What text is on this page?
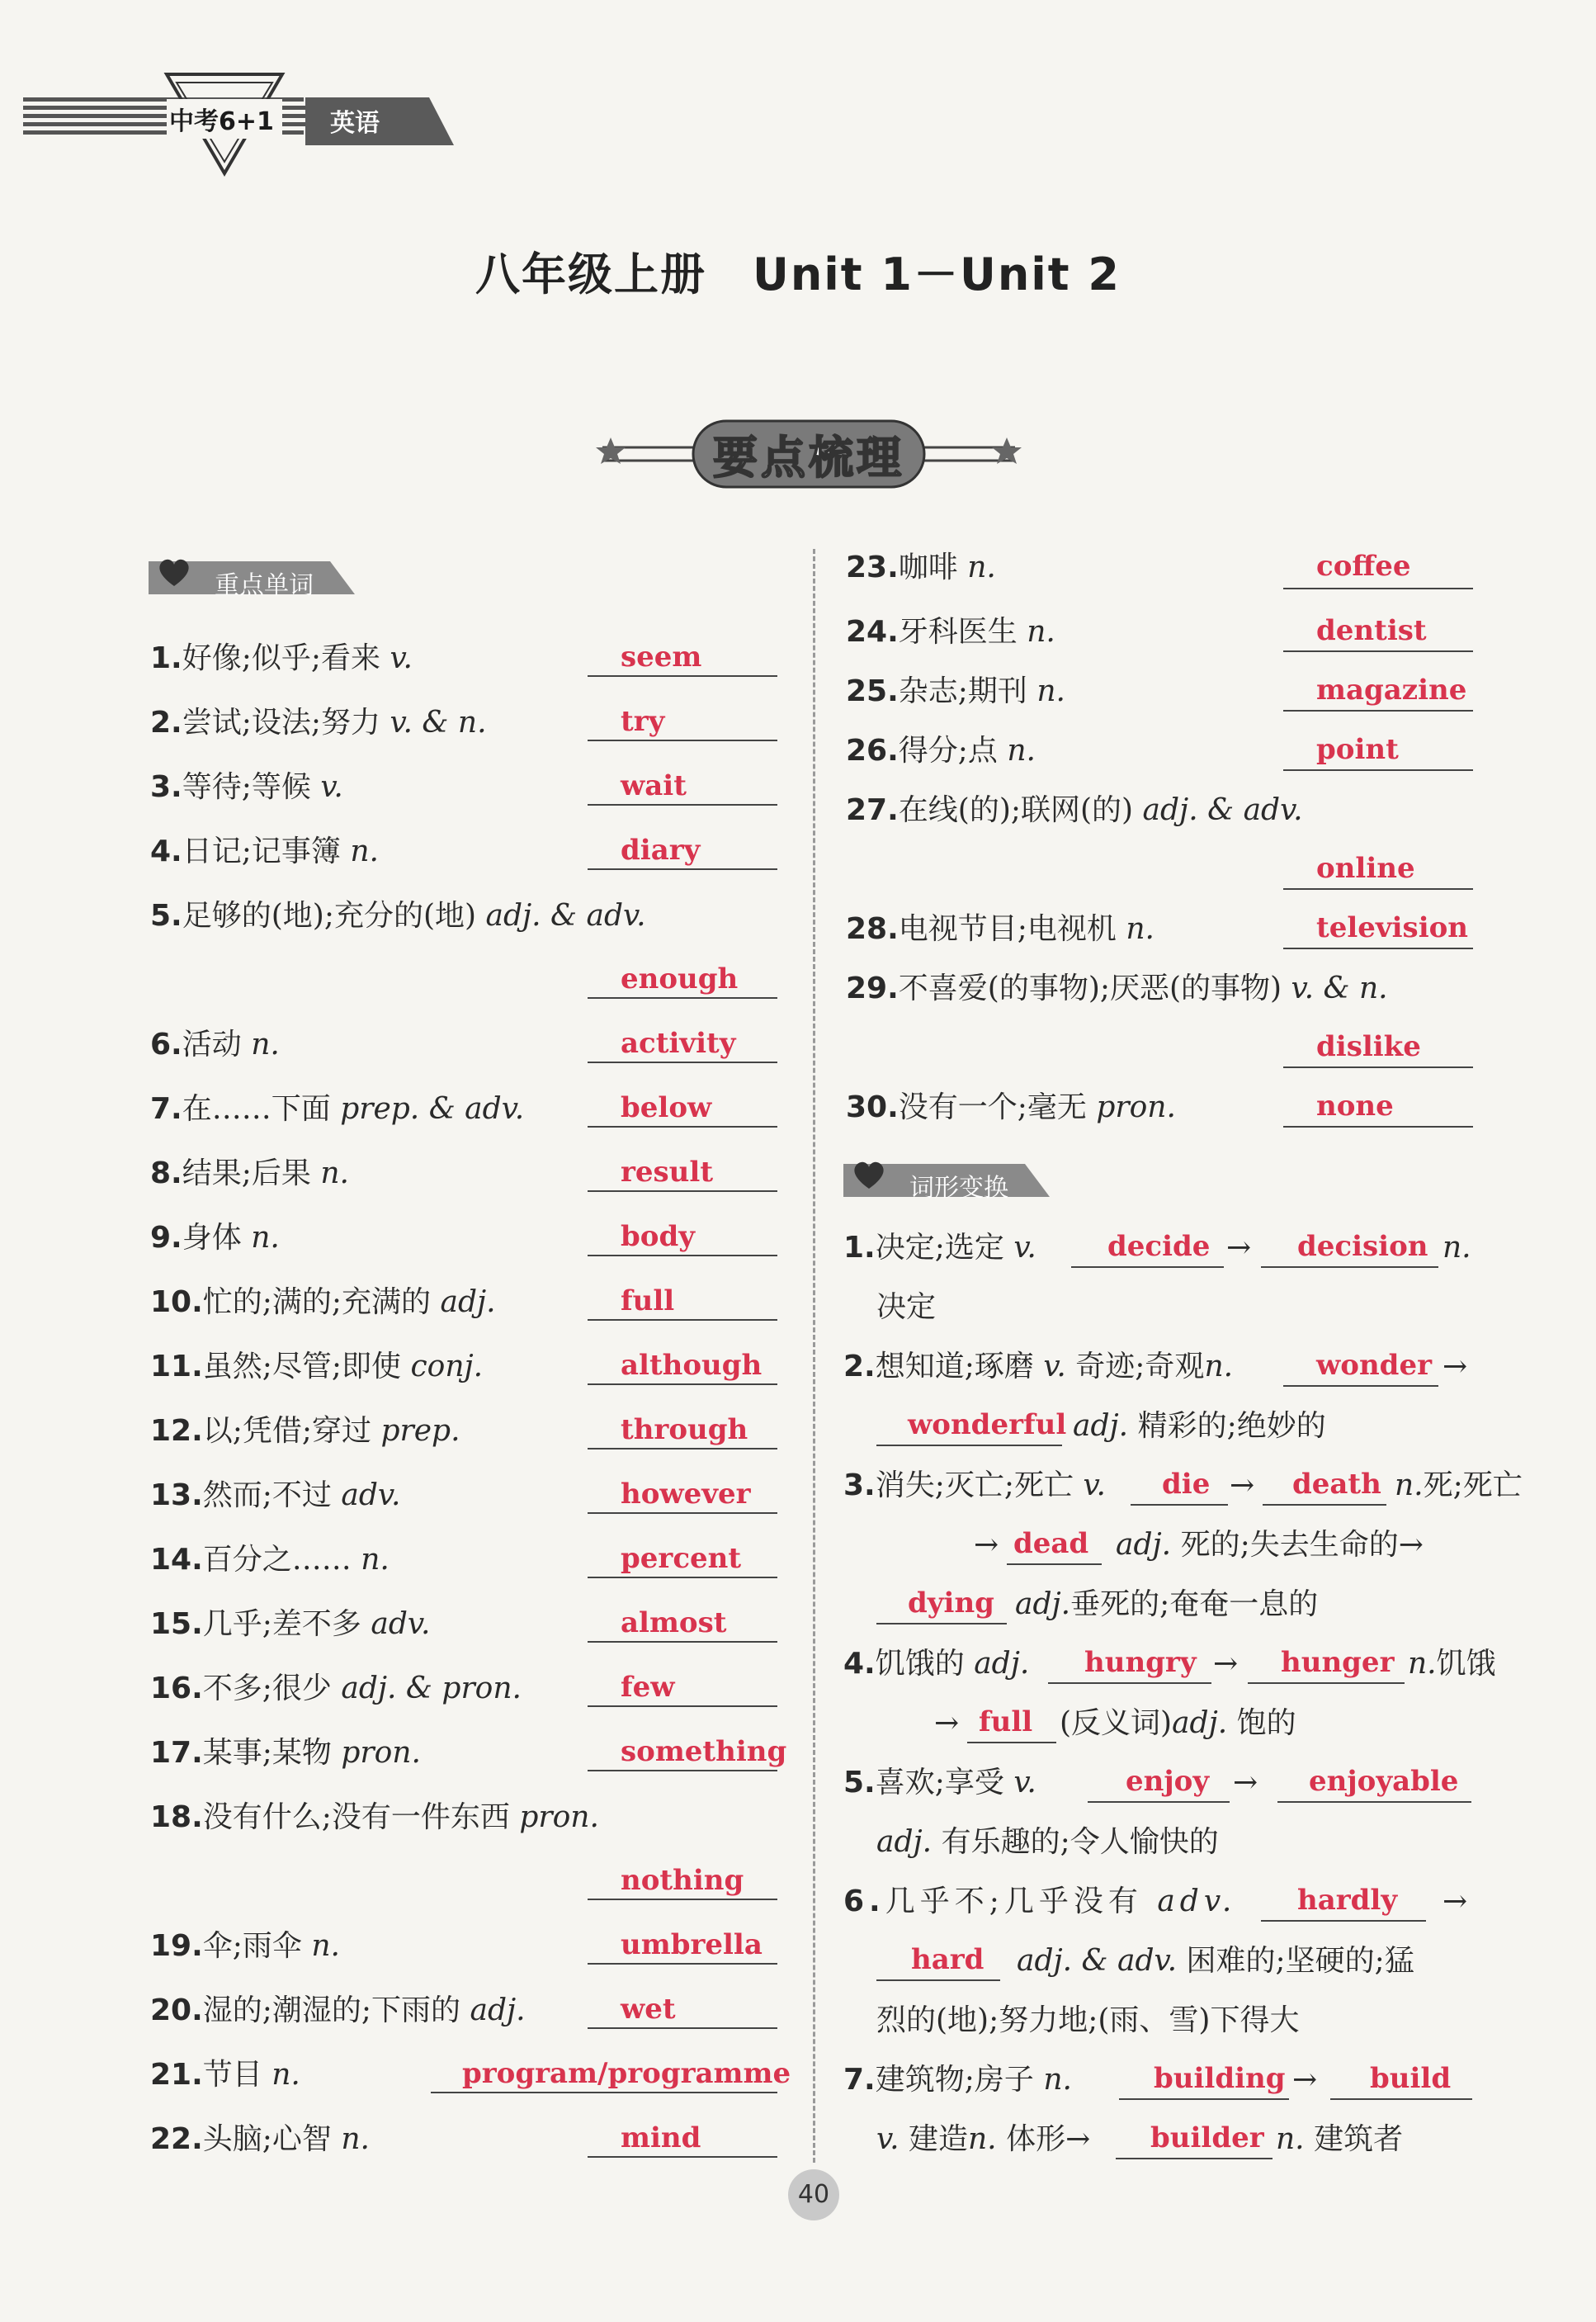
中考6+1 英语
八年级上册　Unit 1－Unit 2
要点梳理
重点单词
1.好像;似乎;看来 v.	seem
2.尝试;设法;努力 v. & n.	try
3.等待;等候 v.	wait
4.日记;记事簿 n.	diary
5.足够的(地);充分的(地) adj. & adv.
enough
6.活动 n.	activity
7.在……下面 prep. & adv.	below
8.结果;后果 n.	result
9.身体 n.	body
10.忙的;满的;充满的 adj.	full
11.虽然;尽管;即使 conj.	although
12.以;凭借;穿过 prep.	through
13.然而;不过 adv.	however
14.百分之…… n.	percent
15.几乎;差不多 adv.	almost
16.不多;很少 adj. & pron.	few
17.某事;某物 pron.	something
18.没有什么;没有一件东西 pron.
nothing
19.伞;雨伞 n.	umbrella
20.湿的;潮湿的;下雨的 adj.	wet
21.节目 n.	program/programme
22.头脑;心智 n.	mind
23.咖啡 n.	coffee
24.牙科医生 n.	dentist
25.杂志;期刊 n.	magazine
26.得分;点 n.	point
27.在线(的);联网(的) adj. & adv.
online
28.电视节目;电视机 n.	television
29.不喜爱(的事物);厌恶(的事物) v. & n.
dislike
30.没有一个;毫无 pron.	none
词形变换
1.决定;选定 v.	decide → decision n.
决定
2.想知道;琢磨 v. 奇迹;奇观n.	wonder →
wonderful adj. 精彩的;绝妙的
3.消失;灭亡;死亡 v. die → death n.死;死亡
→ dead adj. 死的;失去生命的→
dying adj.垂死的;奄奄一息的
4.饥饿的 adj. hungry → hunger n.饥饿
→ full (反义词)adj. 饱的
5.喜欢;享受 v.	enjoy → enjoyable
adj. 有乐趣的;令人愉快的
6.几乎不;几乎没有 adv. hardly →
hard adj. & adv. 困难的;坚硬的;猛
烈的(地);努力地;(雨、雪)下得大
7.建筑物;房子 n.	building → build
v. 建造n. 体形→ builder n. 建筑者
40
